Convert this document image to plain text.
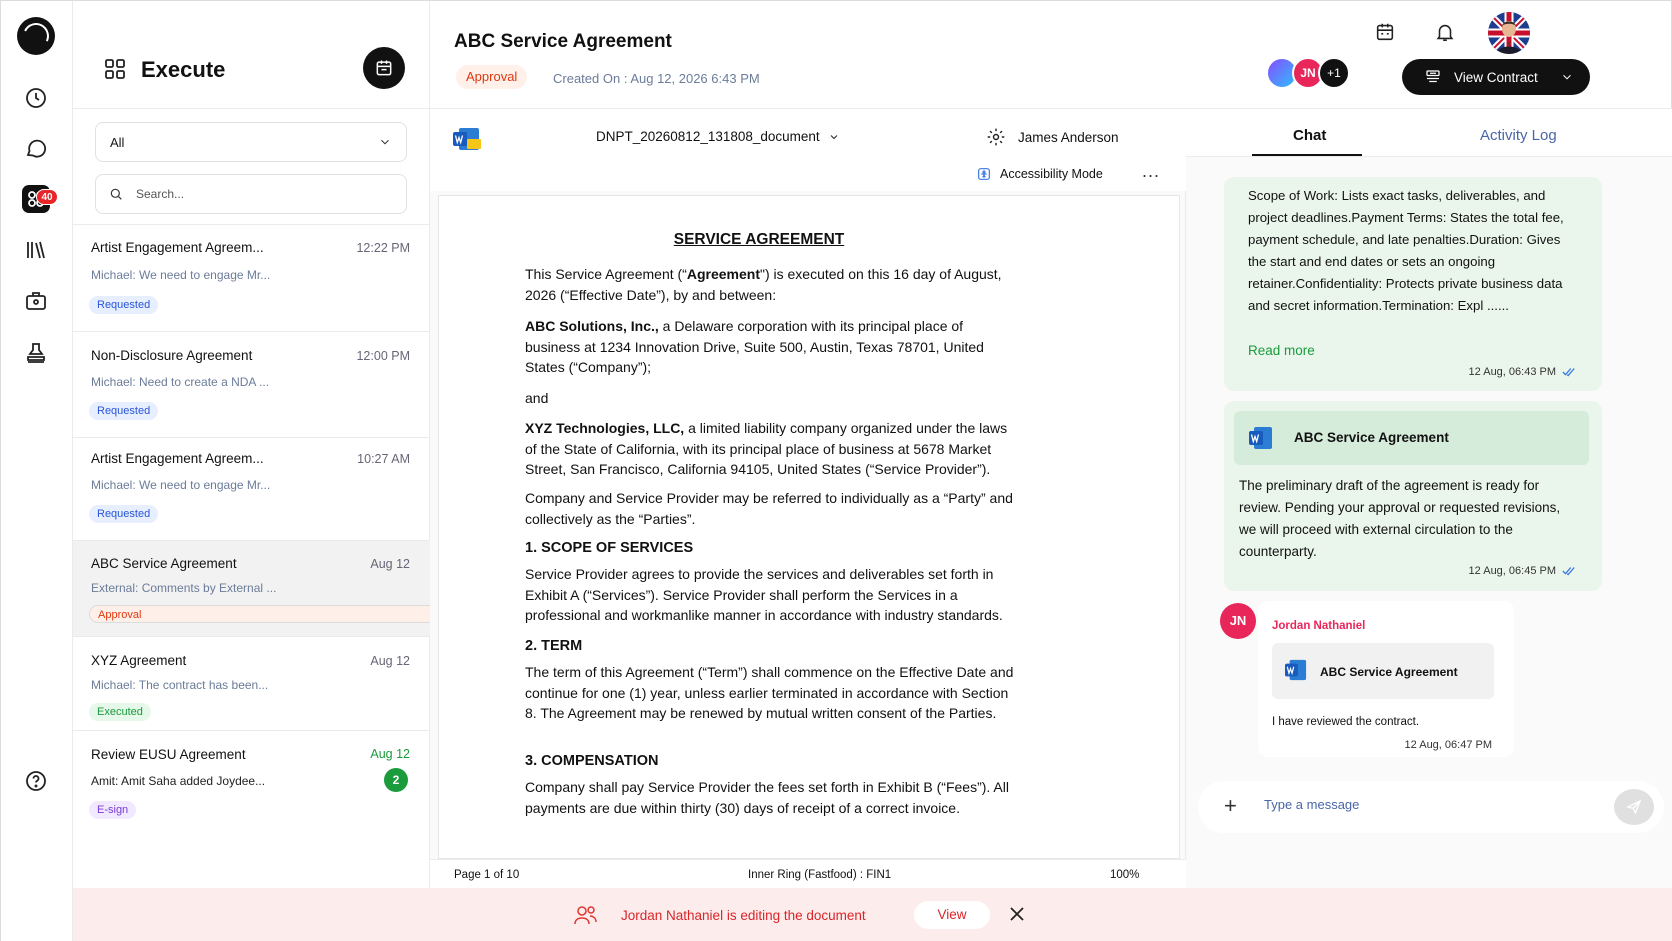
40
Execute
All
Search...
Artist Engagement Agreem...	12:22 PM
Michael: We need to engage Mr...
Requested
Non-Disclosure Agreement	12:00 PM
Michael: Need to create a NDA ...
Requested
Artist Engagement Agreem...	10:27 AM
Michael: We need to engage Mr...
Requested
ABC Service Agreement	Aug 12
External: Comments by External ...
Approval
XYZ Agreement	Aug 12
Michael: The contract has been...
Executed
Review EUSU Agreement	Aug 12
Amit: Amit Saha added Joydee...	2
E-sign
ABC Service Agreement
Approval	Created On : Aug 12, 2026 6:43 PM	JN +1	View Contract
DNPT_20260812_131808_document	James Anderson
Accessibility Mode ...
SERVICE AGREEMENT
This Service Agreement (“Agreement") is executed on this 16 day of August, 2026 (“Effective Date”), by and between:
ABC Solutions, Inc., a Delaware corporation with its principal place of business at 1234 Innovation Drive, Suite 500, Austin, Texas 78701, United States (“Company”);
and
XYZ Technologies, LLC, a limited liability company organized under the laws of the State of California, with its principal place of business at 5678 Market Street, San Francisco, California 94105, United States (“Service Provider”).
Company and Service Provider may be referred to individually as a “Party” and collectively as the “Parties”.
1. SCOPE OF SERVICES
Service Provider agrees to provide the services and deliverables set forth in Exhibit A (“Services”). Service Provider shall perform the Services in a professional and workmanlike manner in accordance with industry standards.
2. TERM
The term of this Agreement (“Term”) shall commence on the Effective Date and continue for one (1) year, unless earlier terminated in accordance with Section 8. The Agreement may be renewed by mutual written consent of the Parties.
3. COMPENSATION
Company shall pay Service Provider the fees set forth in Exhibit B (“Fees”). All payments are due within thirty (30) days of receipt of a correct invoice.
Page 1 of 10	Inner Ring (Fastfood) : FIN1	100%
Chat	Activity Log
Scope of Work: Lists exact tasks, deliverables, and project deadlines.Payment Terms: States the total fee, payment schedule, and late penalties.Duration: Gives the start and end dates or sets an ongoing retainer.Confidentiality: Protects private business data and secret information.Termination: Expl ......
Read more
12 Aug, 06:43 PM
ABC Service Agreement
The preliminary draft of the agreement is ready for review. Pending your approval or requested revisions, we will proceed with external circulation to the counterparty.
12 Aug, 06:45 PM
JN	Jordan Nathaniel
ABC Service Agreement
I have reviewed the contract.
12 Aug, 06:47 PM
+
Type a message
Jordan Nathaniel is editing the document	View
